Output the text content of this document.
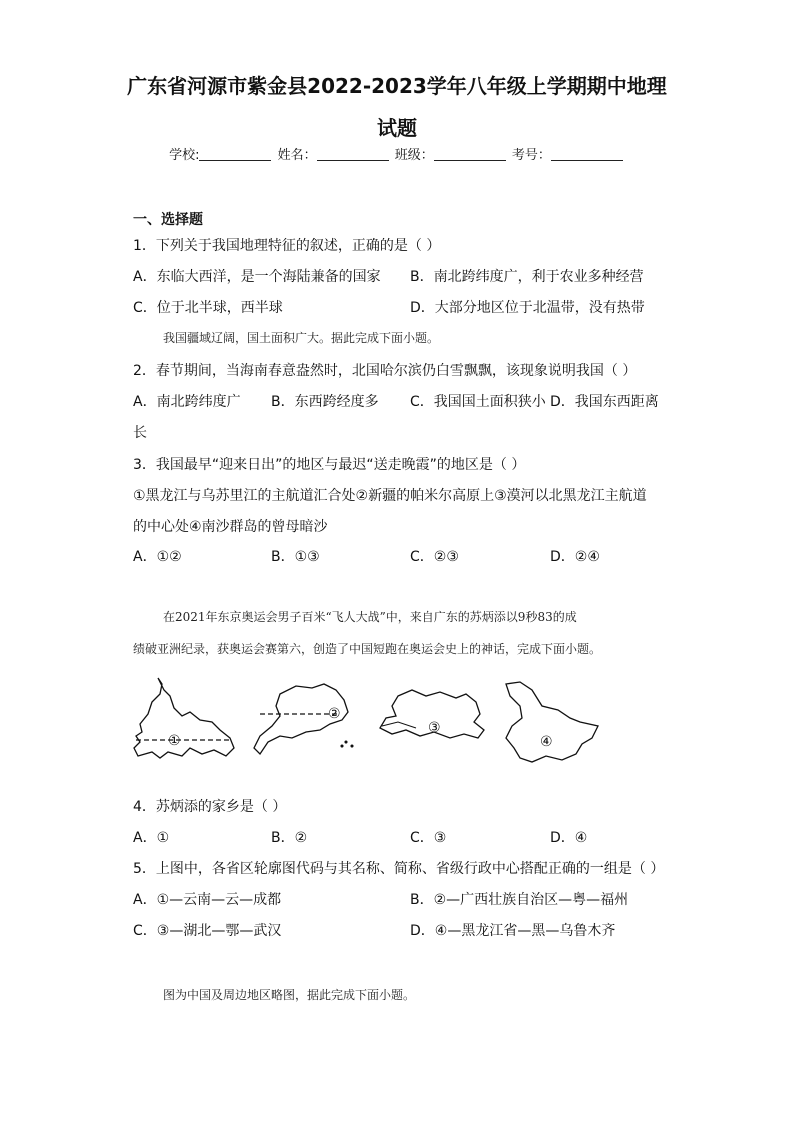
广东省河源市紫金县2022-2023学年八年级上学期期中地理
试题
学校:	姓名：	班级：	考号：
一、选择题
1．下列关于我国地理特征的叙述，正确的是（ ）
A．东临大西洋，是一个海陆兼备的国家 B．南北跨纬度广，利于农业多种经营
C．位于北半球，西半球	D．大部分地区位于北温带，没有热带
我国疆域辽阔，国土面积广大。据此完成下面小题。
2．春节期间，当海南春意盎然时，北国哈尔滨仍白雪飘飘，该现象说明我国（ ）
A．南北跨纬度广 B．东西跨经度多 C．我国国土面积狭小 D．我国东西距离
长
3．我国最早“迎来日出”的地区与最迟“送走晚霞”的地区是（ ）
①黑龙江与乌苏里江的主航道汇合处②新疆的帕米尔高原上③漠河以北黑龙江主航道
的中心处④南沙群岛的曾母暗沙
A．①②	B．①③	C．②③	D．②④
在2021年东京奥运会男子百米“飞人大战”中，来自广东的苏炳添以9秒83的成
绩破亚洲纪录，获奥运会赛第六，创造了中国短跑在奥运会史上的神话，完成下面小题。
①
②
③
④
4．苏炳添的家乡是（ ）
A．①	B．②	C．③	D．④
5．上图中，各省区轮廓图代码与其名称、简称、省级行政中心搭配正确的一组是（ ）
A．①—云南—云—成都	B．②—广西壮族自治区—粤—福州
C．③—湖北—鄂—武汉	D．④—黑龙江省—黑—乌鲁木齐
图为中国及周边地区略图，据此完成下面小题。
